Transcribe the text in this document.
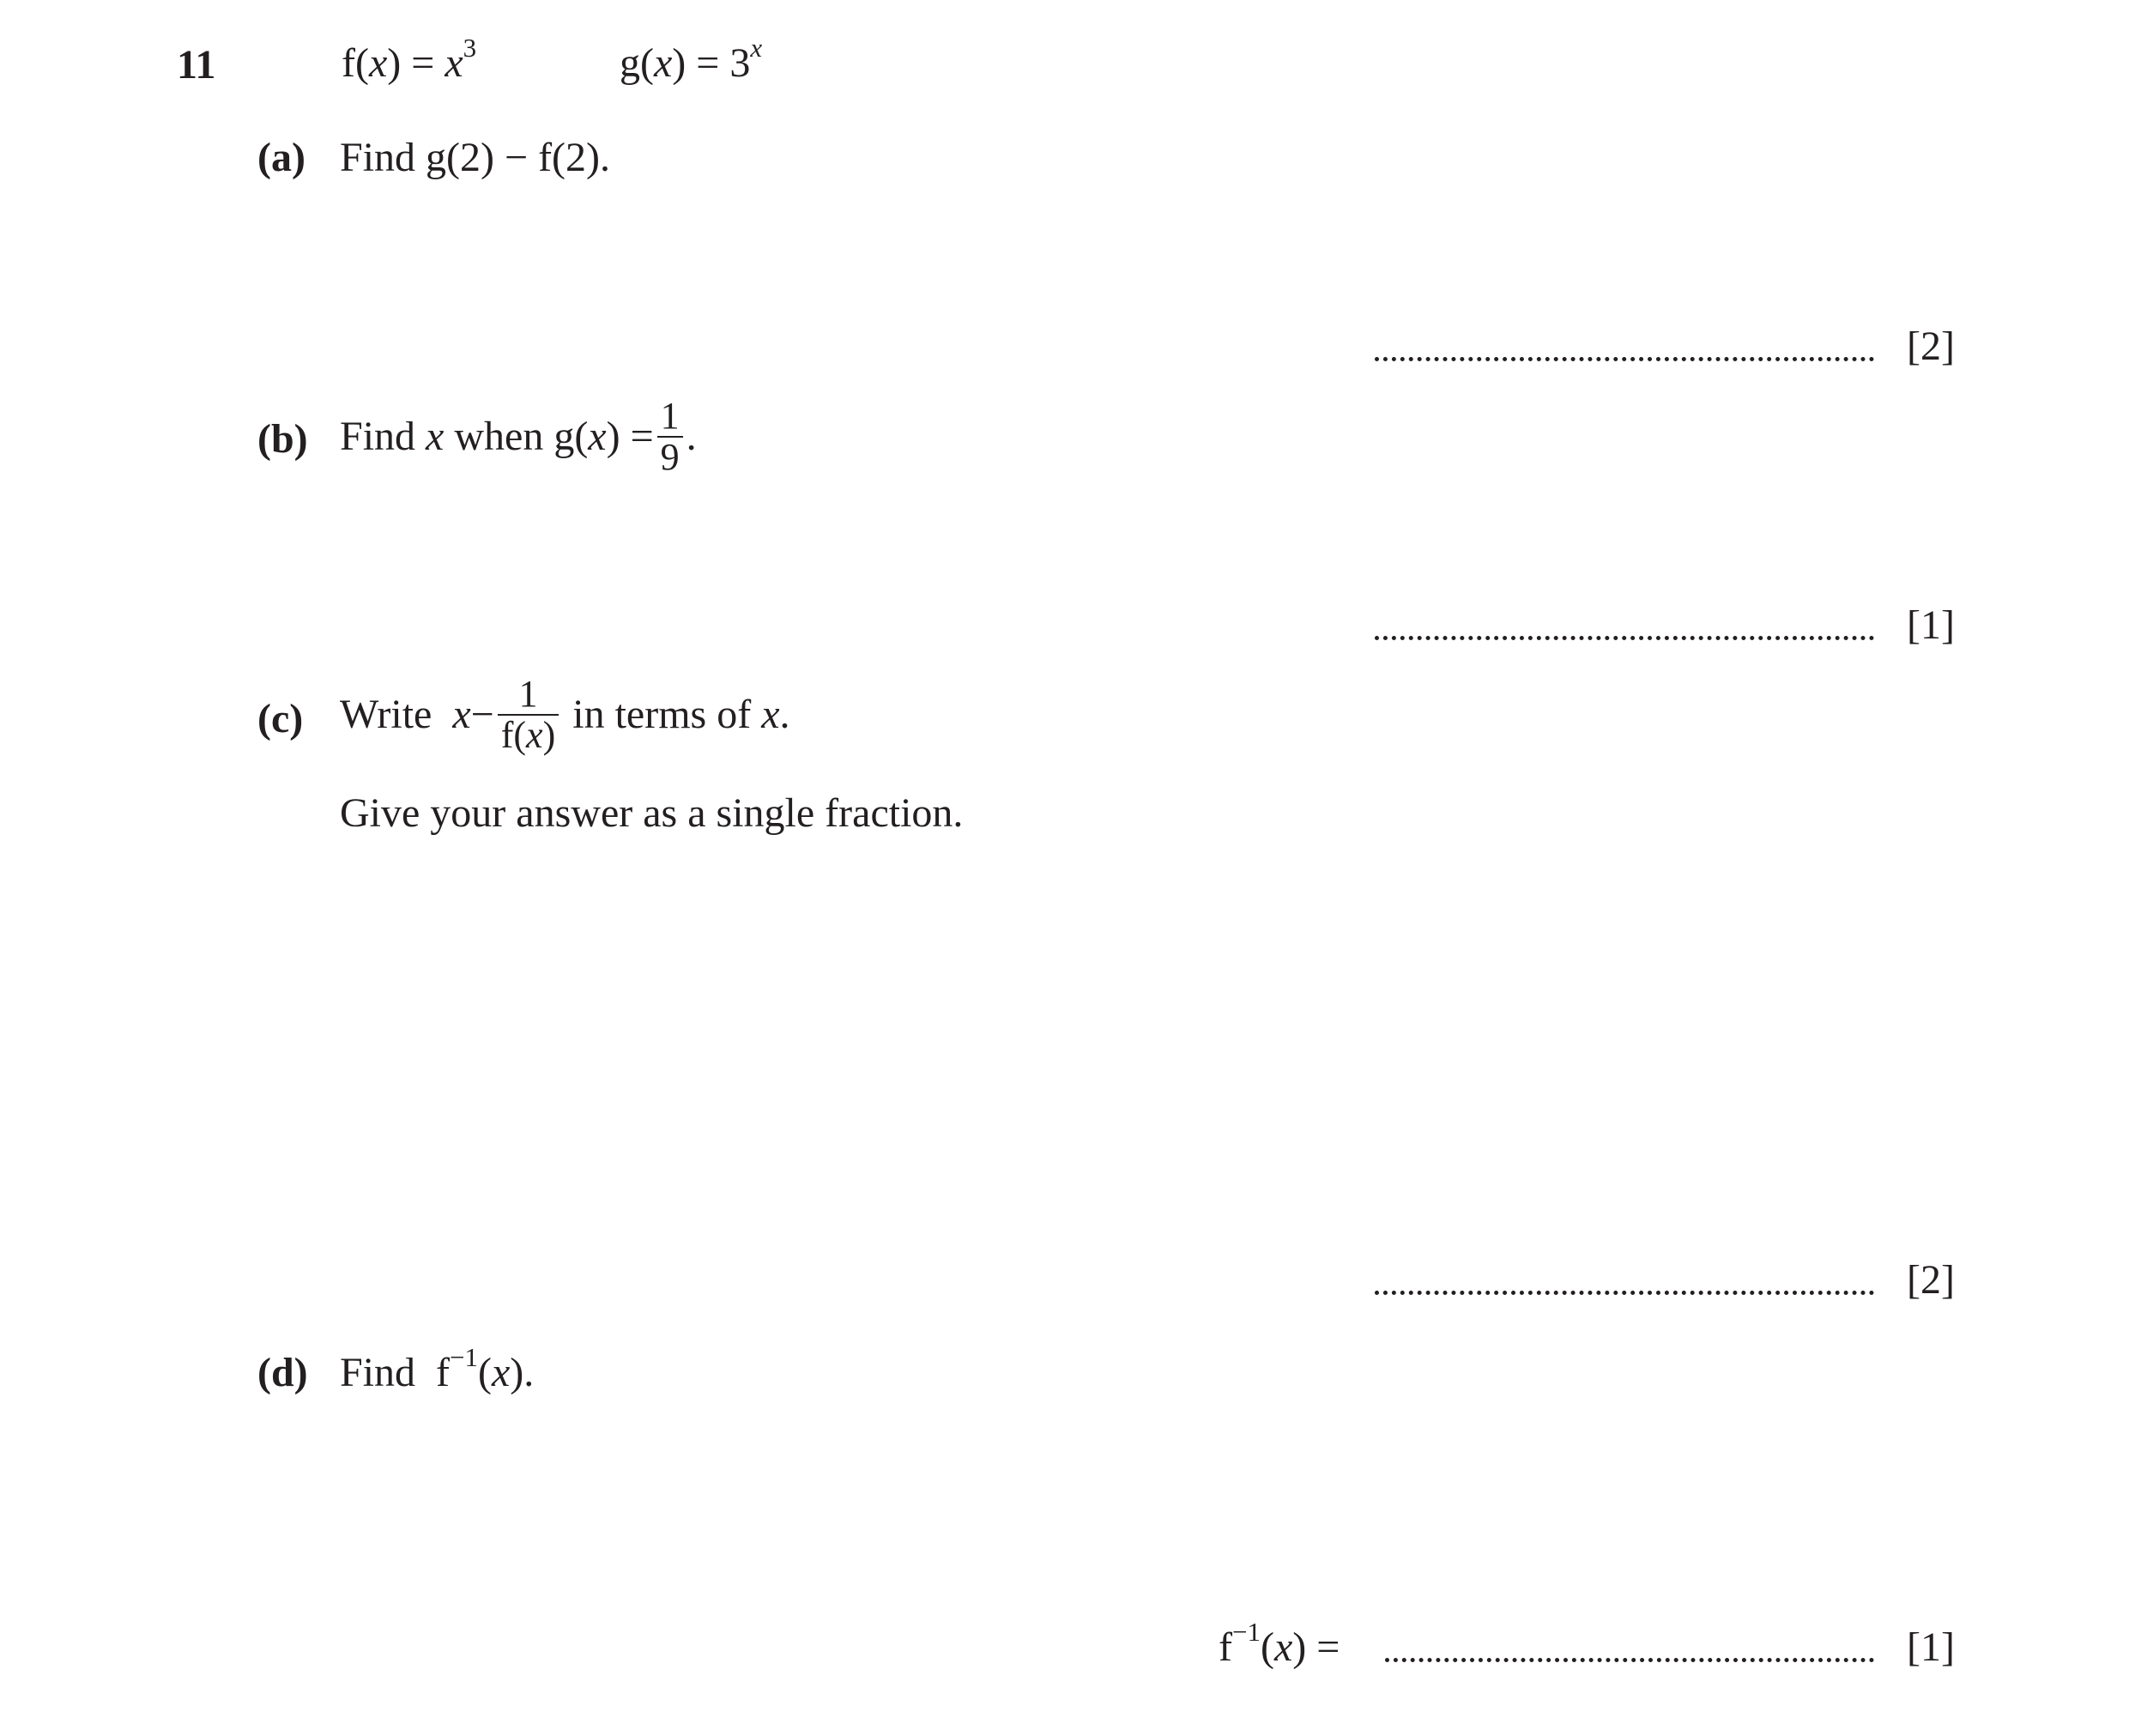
11	$f(x) = x^3$	$g(x) = 3^x$
(a) Find g(2) − f(2).
[2]
(b) Find x when $g(x) = \frac{1}{9}$ .
[1]
(c) Write $x- \frac{1}{f(x)}$ in terms of x.
Give your answer as a single fraction.
[2]
(d) Find $f^{-1}(x)$.
$f^{-1}(x)$ =	[1]
